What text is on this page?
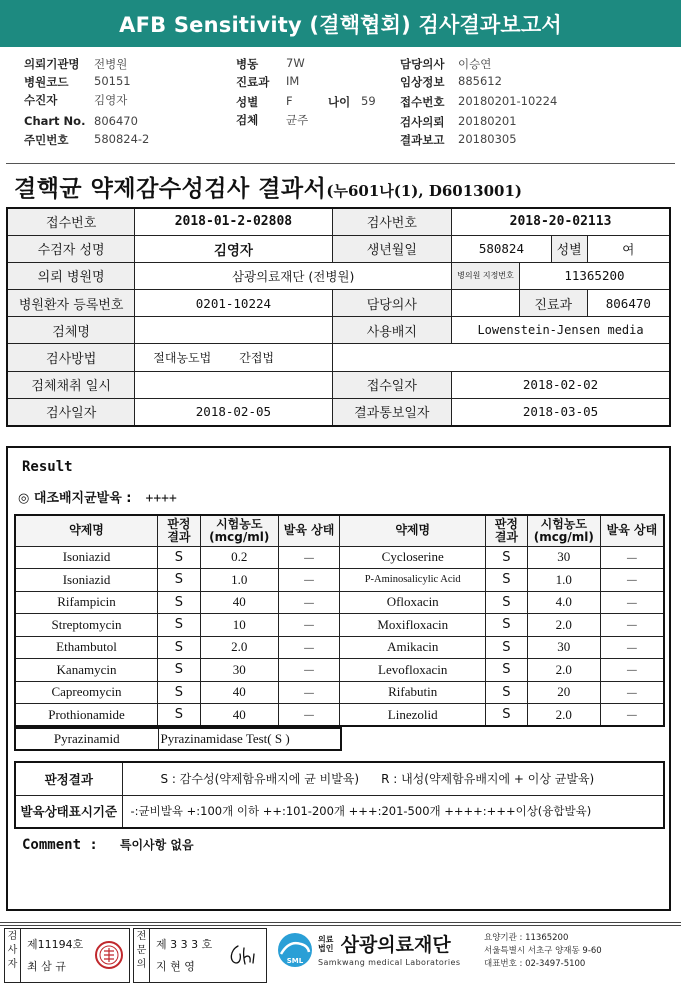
AFB Sensitivity (결핵협회) 검사결과보고서
의뢰기관명 전병원
병원코드 50151
수진자	김영자
Chart No. 806470
주민번호 580824-2
병동 7W
진료과 IM
성별 F
검체 균주
나이 59
담당의사 이승연
임상정보 885612
접수번호 20180201-10224
검사의뢰 20180201
결과보고 20180305
결핵균 약제감수성검사 결과서(누601나(1), D6013001)
접수번호	2018-01-2-02808	검사번호	2018-20-02113			
수검자 성명	김영자	생년월일	580824		성별	여
의뢰 병원명	삼광의료재단 (전병원)		병의원 지정번호	11365200		
병원환자 등록번호	0201-10224	담당의사		진료과		806470
검체명		사용배지	Lowenstein-Jensen media			
검사방법	절대농도법 간접법					
검체채취 일시		접수일자	2018-02-02			
검사일자	2018-02-05	결과통보일자	2018-03-05			
Result
◎ 대조배지균발육 : ++++
약제명	판정 결과	시험농도 (mcg/ml)	발육 상태	약제명	판정 결과	시험농도 (mcg/ml)	발육 상태
Isoniazid	S	0.2	－	Cycloserine	S	30	－
Isoniazid	S	1.0	－	P-Aminosalicylic Acid	S	1.0	－
Rifampicin	S	40	－	Ofloxacin	S	4.0	－
Streptomycin	S	10	－	Moxifloxacin	S	2.0	－
Ethambutol	S	2.0	－	Amikacin	S	30	－
Kanamycin	S	30	－	Levofloxacin	S	2.0	－
Capreomycin	S	40	－	Rifabutin	S	20	－
Prothionamide	S	40	－	Linezolid	S	2.0	－
Pyrazinamid	Pyrazinamidase Test( S )
판정결과	S : 감수성(약제함유배지에 균 비발육) R : 내성(약제함유배지에 + 이상 균발육)
발육상태표시기준	-:균비발육 +:100개 이하 ++:101-200개 +++:201-500개 ++++:+++이상(융합발육)
Comment : 특이사항 없음
검
사
자
제11194호
최 삼 규
전
문
의
제 3 3 3 호
지 현 영	SML
의료
법인 삼광의료재단
Samkwang medical Laboratories
요양기관 : 11365200
서울특별시 서초구 양재동 9-60
대표번호 : 02-3497-5100
